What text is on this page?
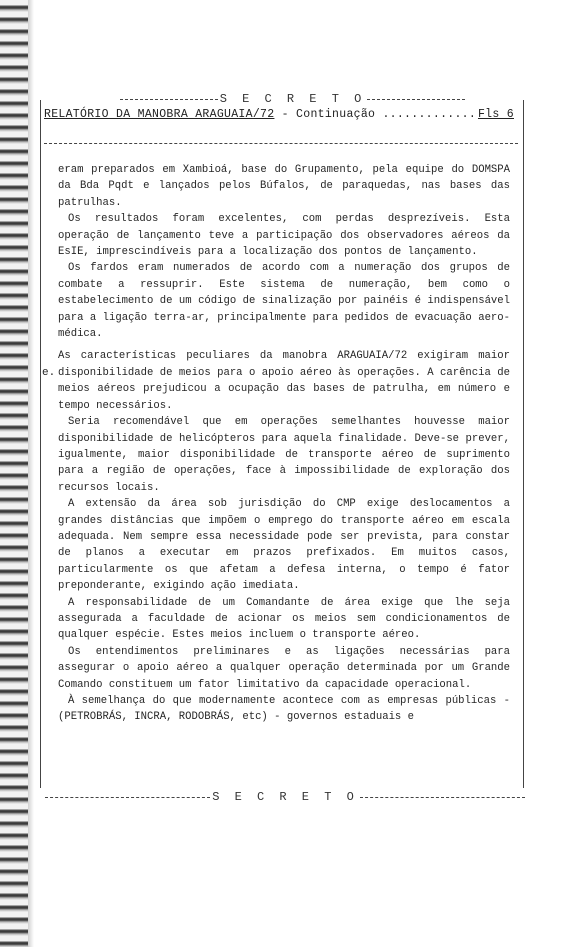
S E C R E T O
RELATÓRIO DA MANOBRA ARAGUAIA/72 - Continuação ............. Fls 6
e.

eram preparados em Xambioá, base do Grupamento, pela equipe do DOMSPA da Bda Pqdt e lançados pelos Búfalos, de paraquedas, nas bases das patrulhas.

Os resultados foram excelentes, com perdas desprezíveis. Esta operação de lançamento teve a participação dos observadores aéreos da EsIE, imprescindíveis para a localização dos pontos de lançamento.

Os fardos eram numerados de acordo com a numeração dos grupos de combate a ressuprir. Este sistema de numeração, bem como o estabelecimento de um código de sinalização por painéis é indispensável para a ligação terra-ar, principalmente para pedidos de evacuação aero-médica.

As características peculiares da manobra ARAGUAIA/72 exigiram maior disponibilidade de meios para o apoio aéreo às operações. A carência de meios aéreos prejudicou a ocupação das bases de patrulha, em número e tempo necessários.

Seria recomendável que em operações semelhantes houvesse maior disponibilidade de helicópteros para aquela finalidade. Deve-se prever, igualmente, maior disponibilidade de transporte aéreo de suprimento para a região de operações, face à impossibilidade de exploração dos recursos locais.

A extensão da área sob jurisdição do CMP exige deslocamentos a grandes distâncias que impõem o emprego do transporte aéreo em escala adequada. Nem sempre essa necessidade pode ser prevista, para constar de planos a executar em prazos prefixados. Em muitos casos, particularmente os que afetam a defesa interna, o tempo é fator preponderante, exigindo ação imediata.

A responsabilidade de um Comandante de área exige que lhe seja assegurada a faculdade de acionar os meios sem condicionamentos de qualquer espécie. Estes meios incluem o transporte aéreo.

Os entendimentos preliminares e as ligações necessárias para assegurar o apoio aéreo a qualquer operação determinada por um Grande Comando constituem um fator limitativo da capacidade operacional.

À semelhança do que modernamente acontece com as empresas públicas - (PETROBRÁS, INCRA, RODOBRÁS, etc) - governos estaduais e

S E C R E T O
